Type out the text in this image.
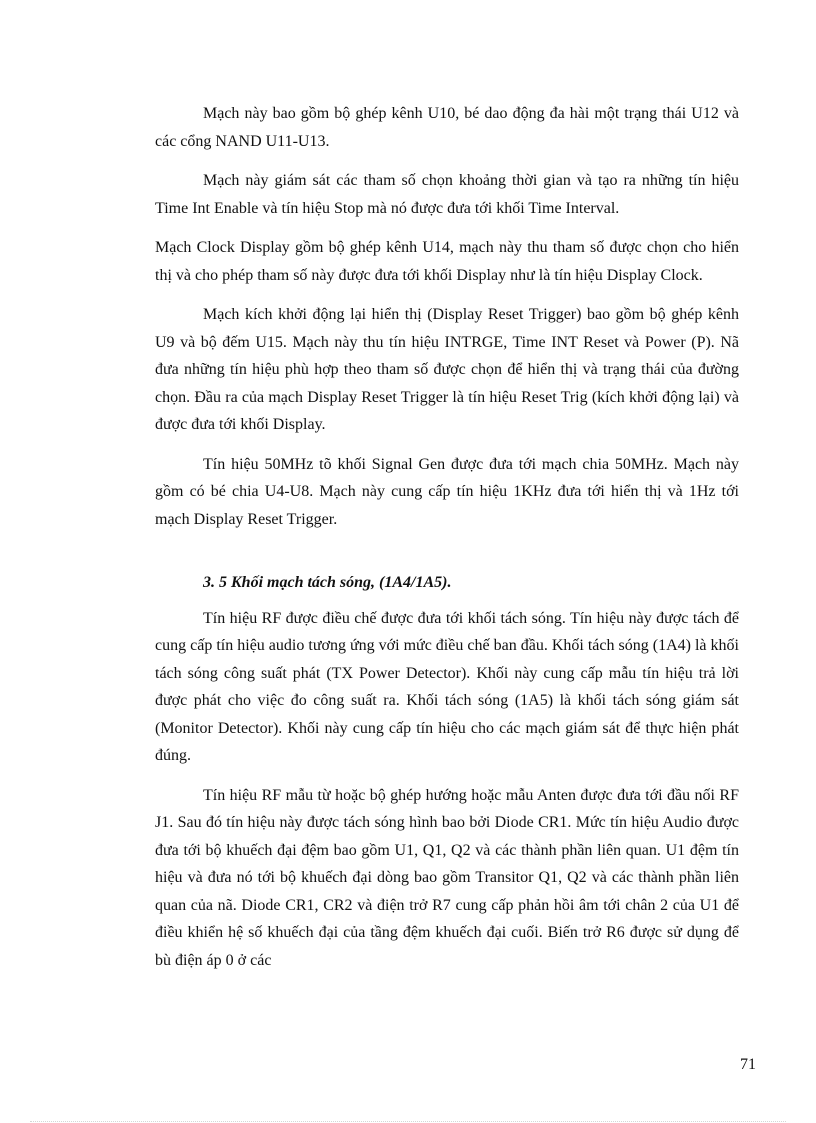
Mạch này bao gồm bộ ghép kênh U10, bé dao động đa hài một trạng thái U12 và các cổng NAND U11-U13.

Mạch này giám sát các tham số chọn khoảng thời gian và tạo ra những tín hiệu Time Int Enable và tín hiệu Stop mà nó được đưa tới khối Time Interval.

Mạch Clock Display gồm bộ ghép kênh U14, mạch này thu tham số được chọn cho hiển thị và cho phép tham số này được đưa tới khối Display như là tín hiệu Display Clock.

Mạch kích khởi động lại hiển thị (Display Reset Trigger) bao gồm bộ ghép kênh U9 và bộ đếm U15. Mạch này thu tín hiệu INTRGE, Time INT Reset và Power (P). Nã đưa những tín hiệu phù hợp theo tham số được chọn để hiển thị và trạng thái của đường chọn. Đầu ra của mạch Display Reset Trigger là tín hiệu Reset Trig (kích khởi động lại) và được đưa tới khối Display.

Tín hiệu 50MHz tõ khối Signal Gen được đưa tới mạch chia 50MHz. Mạch này gồm có bé chia U4-U8. Mạch này cung cấp tín hiệu 1KHz đưa tới hiển thị và 1Hz tới mạch Display Reset Trigger.

3. 5 Khối mạch tách sóng, (1A4/1A5).

Tín hiệu RF được điều chế được đưa tới khối tách sóng. Tín hiệu này được tách để cung cấp tín hiệu audio tương ứng với mức điều chế ban đầu. Khối tách sóng (1A4) là khối tách sóng công suất phát (TX Power Detector). Khối này cung cấp mẫu tín hiệu trả lời được phát cho việc đo công suất ra. Khối tách sóng (1A5) là khối tách sóng giám sát (Monitor Detector). Khối này cung cấp tín hiệu cho các mạch giám sát để thực hiện phát đúng.

Tín hiệu RF mẫu từ hoặc bộ ghép hướng hoặc mẫu Anten được đưa tới đầu nối RF J1. Sau đó tín hiệu này được tách sóng hình bao bởi Diode CR1. Mức tín hiệu Audio được đưa tới bộ khuếch đại đệm bao gồm U1, Q1, Q2 và các thành phần liên quan. U1 đệm tín hiệu và đưa nó tới bộ khuếch đại dòng bao gồm Transitor Q1, Q2 và các thành phần liên quan của nã. Diode CR1, CR2 và điện trở R7 cung cấp phản hồi âm tới chân 2 của U1 để điều khiển hệ số khuếch đại của tầng đệm khuếch đại cuối. Biến trở R6 được sử dụng để bù điện áp 0 ở các

71
